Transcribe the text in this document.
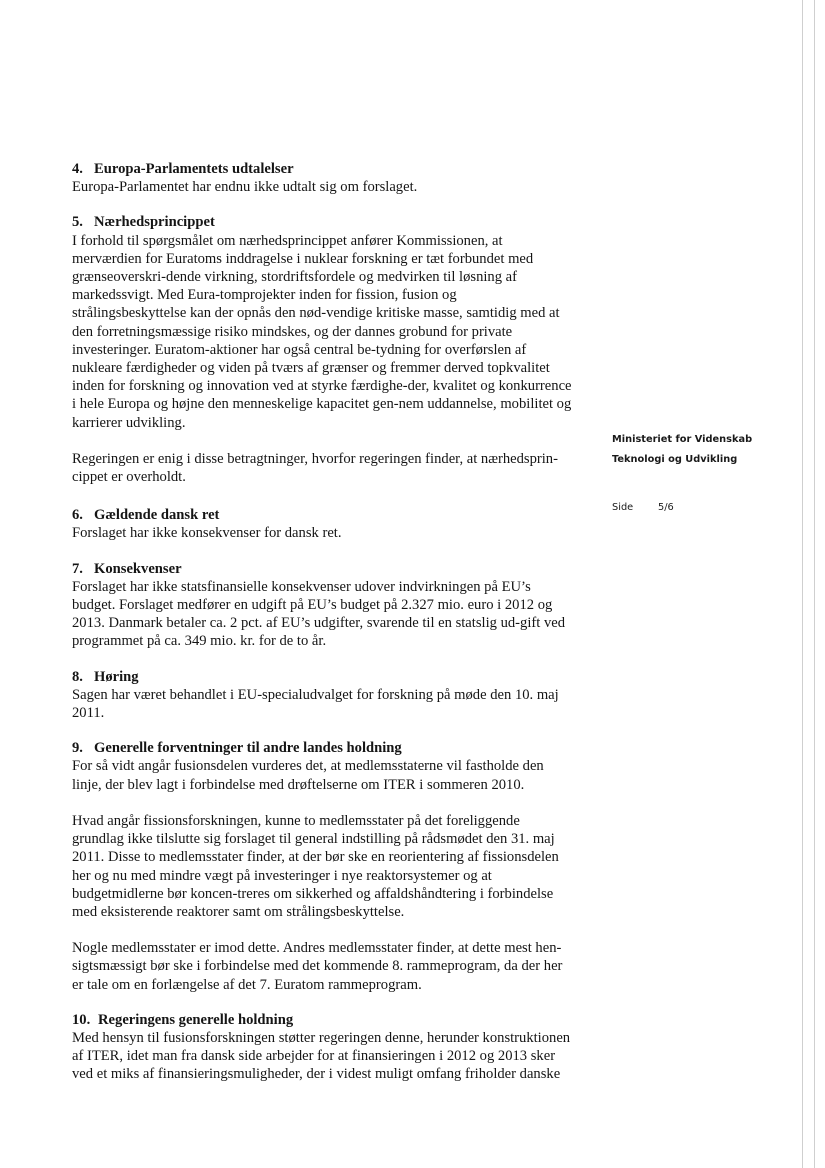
4. Europa-Parlamentets udtalelser

Europa-Parlamentet har endnu ikke udtalt sig om forslaget.

5. Nærhedsprincippet

I forhold til spørgsmålet om nærhedsprincippet anfører Kommissionen, at merværdien for Euratoms inddragelse i nuklear forskning er tæt forbundet med grænseoverskri-dende virkning, stordriftsfordele og medvirken til løsning af markedssvigt. Med Eura-tomprojekter inden for fission, fusion og strålingsbeskyttelse kan der opnås den nød-vendige kritiske masse, samtidig med at den forretningsmæssige risiko mindskes, og der dannes grobund for private investeringer. Euratom-aktioner har også central be-tydning for overførslen af nukleare færdigheder og viden på tværs af grænser og fremmer derved topkvalitet inden for forskning og innovation ved at styrke færdighe-der, kvalitet og konkurrence i hele Europa og højne den menneskelige kapacitet gen-nem uddannelse, mobilitet og karrierer udvikling.

Regeringen er enig i disse betragtninger, hvorfor regeringen finder, at nærhedsprin-cippet er overholdt.

6. Gældende dansk ret

Forslaget har ikke konsekvenser for dansk ret.

7. Konsekvenser

Forslaget har ikke statsfinansielle konsekvenser udover indvirkningen på EU’s budget. Forslaget medfører en udgift på EU’s budget på 2.327 mio. euro i 2012 og 2013. Danmark betaler ca. 2 pct. af EU’s udgifter, svarende til en statslig ud-gift ved programmet på ca. 349 mio. kr. for de to år.

8. Høring

Sagen har været behandlet i EU-specialudvalget for forskning på møde den 10. maj 2011.

9. Generelle forventninger til andre landes holdning

For så vidt angår fusionsdelen vurderes det, at medlemsstaterne vil fastholde den linje, der blev lagt i forbindelse med drøftelserne om ITER i sommeren 2010.

Hvad angår fissionsforskningen, kunne to medlemsstater på det foreliggende grundlag ikke tilslutte sig forslaget til general indstilling på rådsmødet den 31. maj 2011. Disse to medlemsstater finder, at der bør ske en reorientering af fissionsdelen her og nu med mindre vægt på investeringer i nye reaktorsystemer og at budgetmidlerne bør koncen-treres om sikkerhed og affaldshåndtering i forbindelse med eksisterende reaktorer samt om strålingsbeskyttelse.

Nogle medlemsstater er imod dette. Andres medlemsstater finder, at dette mest hen-sigtsmæssigt bør ske i forbindelse med det kommende 8. rammeprogram, da der her er tale om en forlængelse af det 7. Euratom rammeprogram.

10. Regeringens generelle holdning

Med hensyn til fusionsforskningen støtter regeringen denne, herunder konstruktionen af ITER, idet man fra dansk side arbejder for at finansieringen i 2012 og 2013 sker ved et miks af finansieringsmuligheder, der i videst muligt omfang friholder danske

Ministeriet for Videnskab

Teknologi og Udvikling

Side	5/6
